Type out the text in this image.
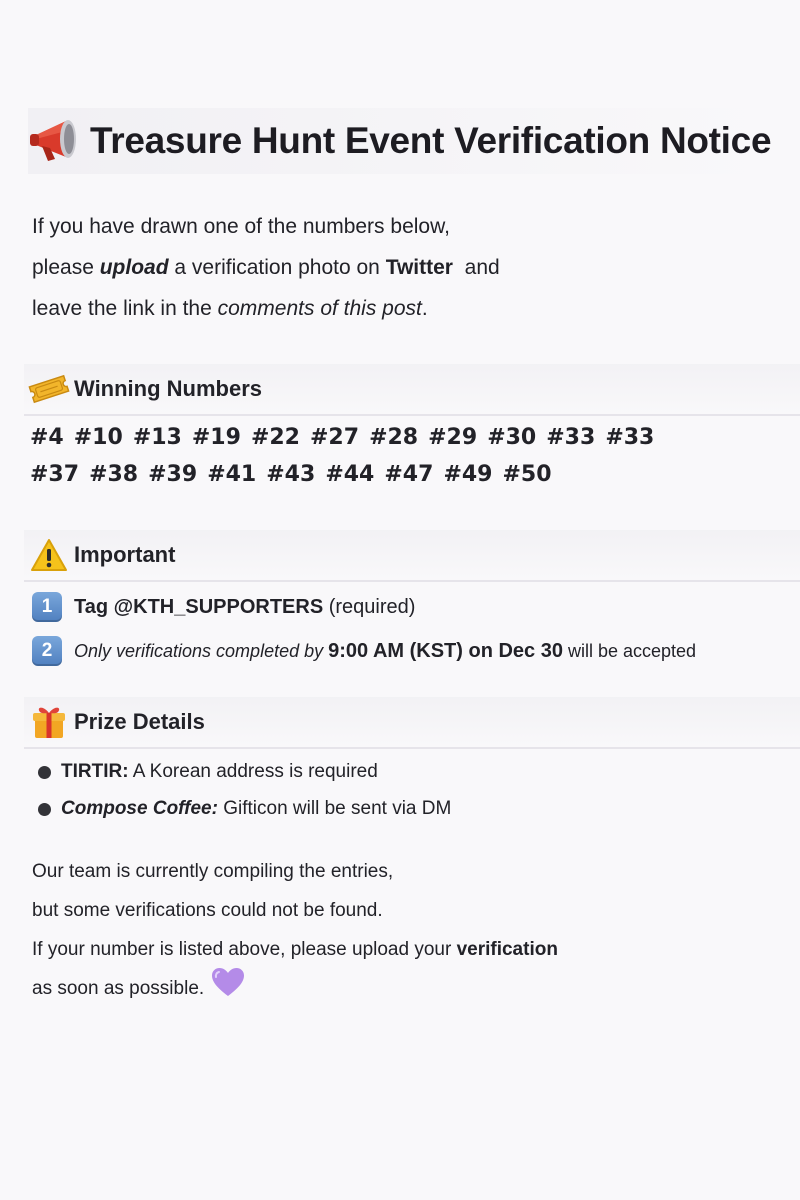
Treasure Hunt Event Verification Notice
If you have drawn one of the numbers below,
please upload a verification photo on Twitter  and
leave the link in the comments of this post.
Winning Numbers
#4 #10 #13 #19 #22 #27 #28 #29 #30 #33 #33
#37 #38 #39 #41 #43 #44 #47 #49 #50
Important
1	Tag @KTH_SUPPORTERS (required)
2	Only verifications completed by 9:00 AM (KST) on Dec 30 will be accepted
Prize Details
TIRTIR: A Korean address is required
Compose Coffee: Gifticon will be sent via DM
Our team is currently compiling the entries,
but some verifications could not be found.
If your number is listed above, please upload your verification
as soon as possible.
